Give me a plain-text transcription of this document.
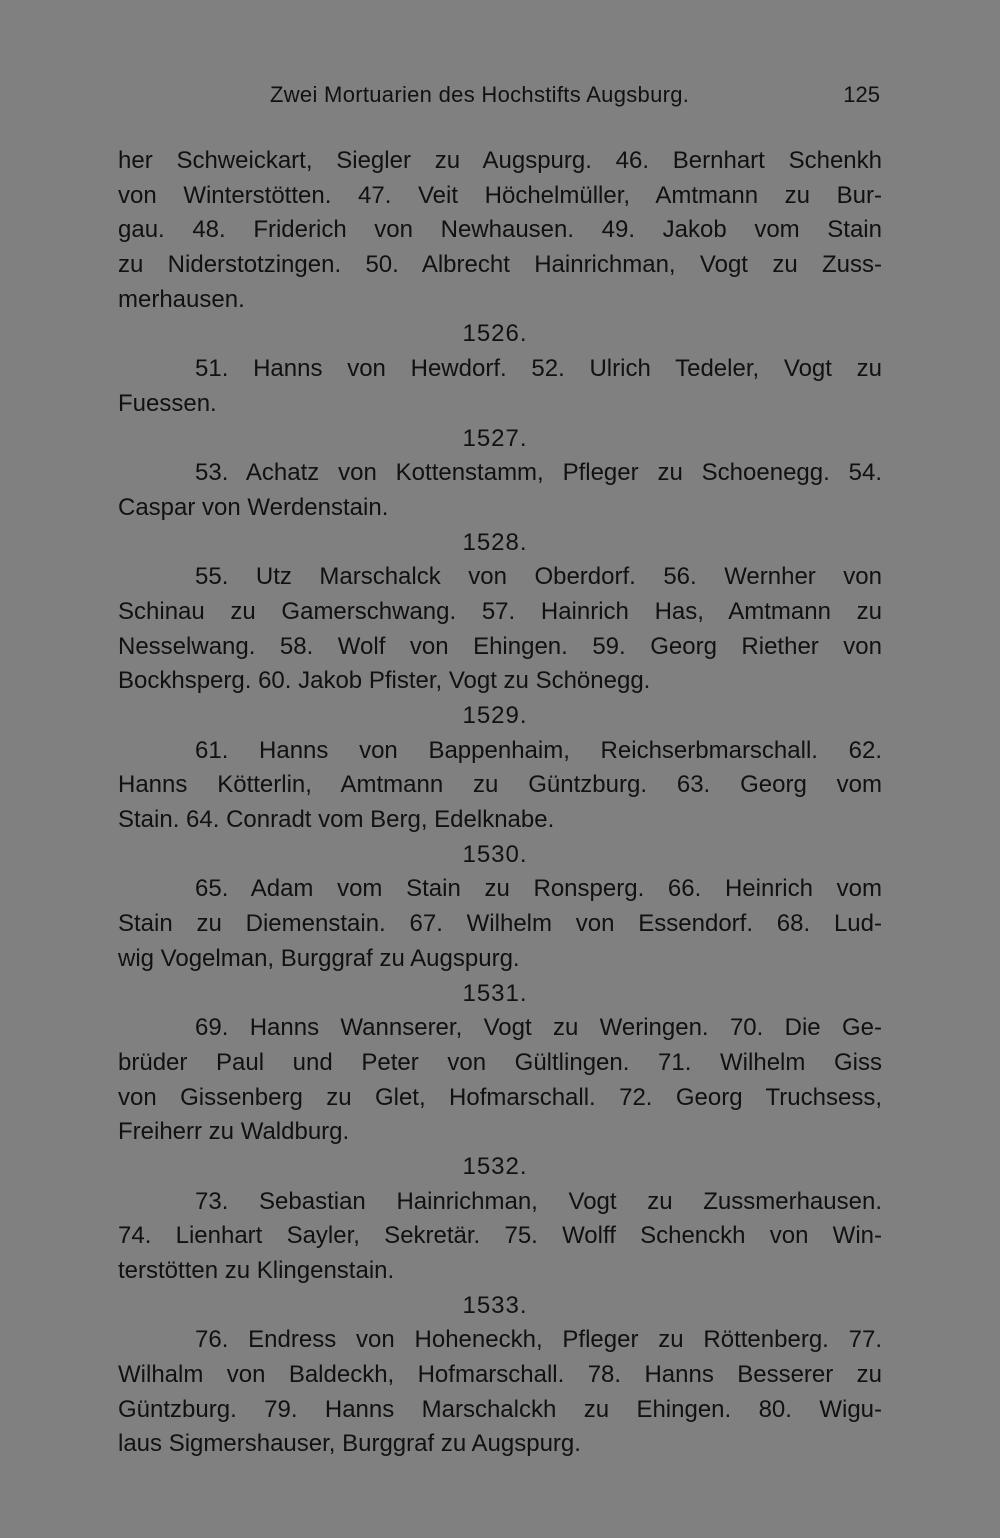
Zwei Mortuarien des Hochstifts Augsburg.	125
her Schweickart, Siegler zu Augspurg. 46. Bernhart Schenkh
von Winterstötten. 47. Veit Höchelmüller, Amtmann zu Bur-
gau. 48. Friderich von Newhausen. 49. Jakob vom Stain
zu Niderstotzingen. 50. Albrecht Hainrichman, Vogt zu Zuss-
merhausen.
1526.
51. Hanns von Hewdorf. 52. Ulrich Tedeler, Vogt zu
Fuessen.
1527.
53. Achatz von Kottenstamm, Pfleger zu Schoenegg. 54.
Caspar von Werdenstain.
1528.
55. Utz Marschalck von Oberdorf. 56. Wernher von
Schinau zu Gamerschwang. 57. Hainrich Has, Amtmann zu
Nesselwang. 58. Wolf von Ehingen. 59. Georg Riether von
Bockhsperg. 60. Jakob Pfister, Vogt zu Schönegg.
1529.
61. Hanns von Bappenhaim, Reichserbmarschall. 62.
Hanns Kötterlin, Amtmann zu Güntzburg. 63. Georg vom
Stain. 64. Conradt vom Berg, Edelknabe.
1530.
65. Adam vom Stain zu Ronsperg. 66. Heinrich vom
Stain zu Diemenstain. 67. Wilhelm von Essendorf. 68. Lud-
wig Vogelman, Burggraf zu Augspurg.
1531.
69. Hanns Wannserer, Vogt zu Weringen. 70. Die Ge-
brüder Paul und Peter von Gültlingen. 71. Wilhelm Giss
von Gissenberg zu Glet, Hofmarschall. 72. Georg Truchsess,
Freiherr zu Waldburg.
1532.
73. Sebastian Hainrichman, Vogt zu Zussmerhausen.
74. Lienhart Sayler, Sekretär. 75. Wolff Schenckh von Win-
terstötten zu Klingenstain.
1533.
76. Endress von Hoheneckh, Pfleger zu Röttenberg. 77.
Wilhalm von Baldeckh, Hofmarschall. 78. Hanns Besserer zu
Güntzburg. 79. Hanns Marschalckh zu Ehingen. 80. Wigu-
laus Sigmershauser, Burggraf zu Augspurg.
